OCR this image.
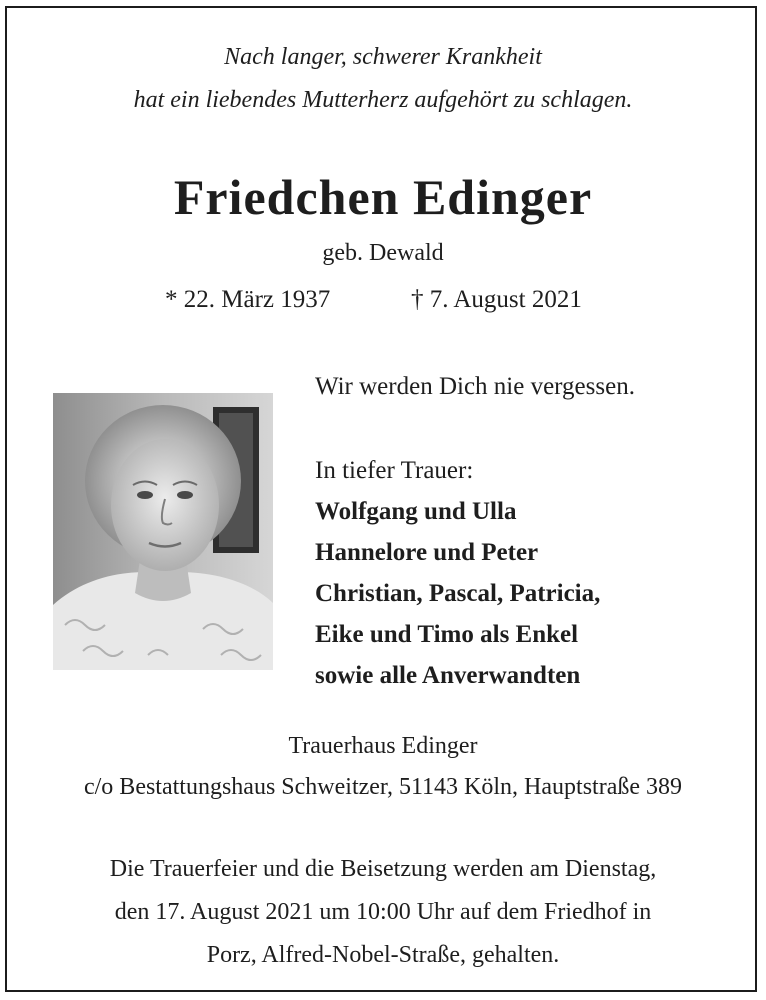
Nach langer, schwerer Krankheit
hat ein liebendes Mutterherz aufgehört zu schlagen.
Friedchen Edinger
geb. Dewald
* 22. März 1937	† 7. August 2021
Wir werden Dich nie vergessen.
In tiefer Trauer:
Wolfgang und Ulla
Hannelore und Peter
Christian, Pascal, Patricia,
Eike und Timo als Enkel
sowie alle Anverwandten
Trauerhaus Edinger
c/o Bestattungshaus Schweitzer, 51143 Köln, Hauptstraße 389
Die Trauerfeier und die Beisetzung werden am Dienstag,
den 17. August 2021 um 10:00 Uhr auf dem Friedhof in
Porz, Alfred-Nobel-Straße, gehalten.
